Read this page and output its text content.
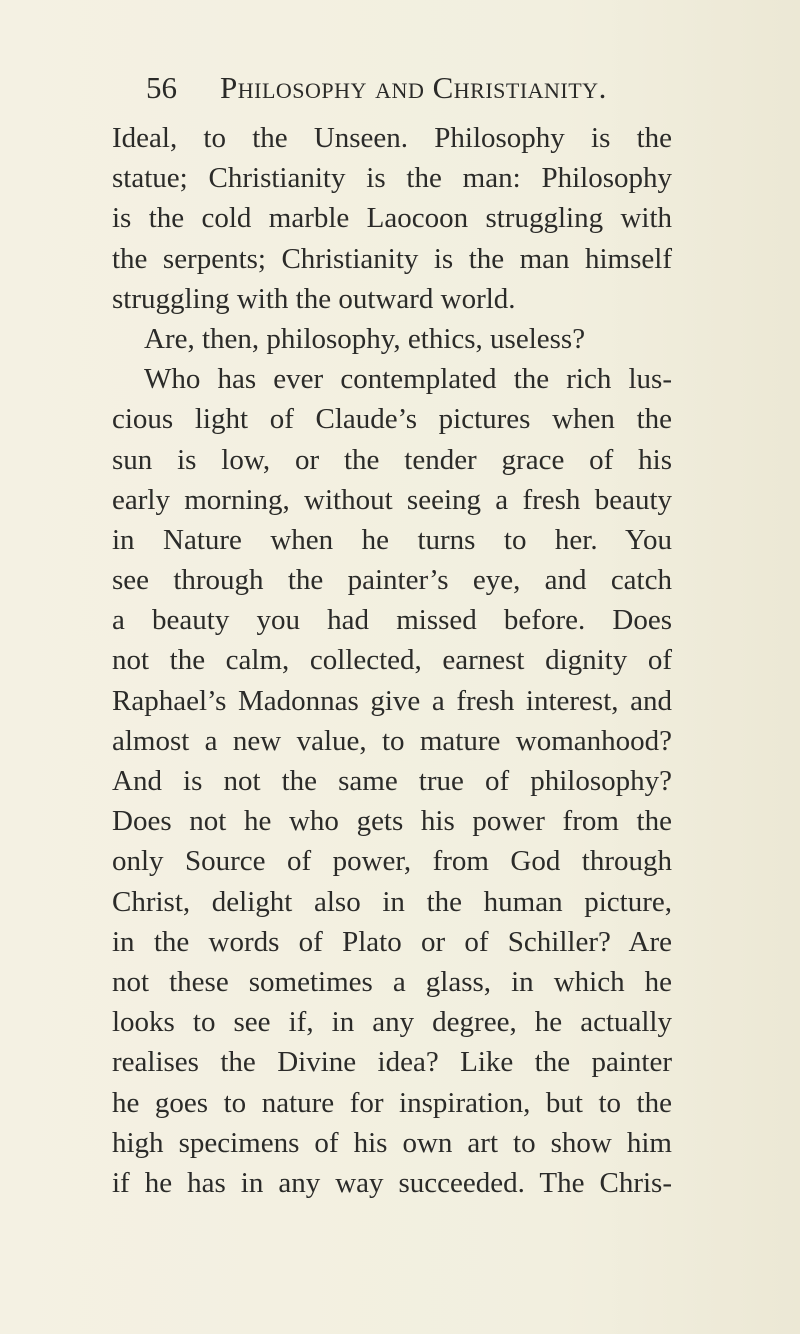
56 Philosophy and Christianity.
Ideal, to the Unseen. Philosophy is the
statue; Christianity is the man: Philosophy
is the cold marble Laocoon struggling with
the serpents; Christianity is the man himself
struggling with the outward world.
Are, then, philosophy, ethics, useless?
Who has ever contemplated the rich lus-
cious light of Claude’s pictures when the
sun is low, or the tender grace of his
early morning, without seeing a fresh beauty
in Nature when he turns to her. You
see through the painter’s eye, and catch
a beauty you had missed before. Does
not the calm, collected, earnest dignity of
Raphael’s Madonnas give a fresh interest, and
almost a new value, to mature womanhood?
And is not the same true of philosophy?
Does not he who gets his power from the
only Source of power, from God through
Christ, delight also in the human picture,
in the words of Plato or of Schiller? Are
not these sometimes a glass, in which he
looks to see if, in any degree, he actually
realises the Divine idea? Like the painter
he goes to nature for inspiration, but to the
high specimens of his own art to show him
if he has in any way succeeded. The Chris-
